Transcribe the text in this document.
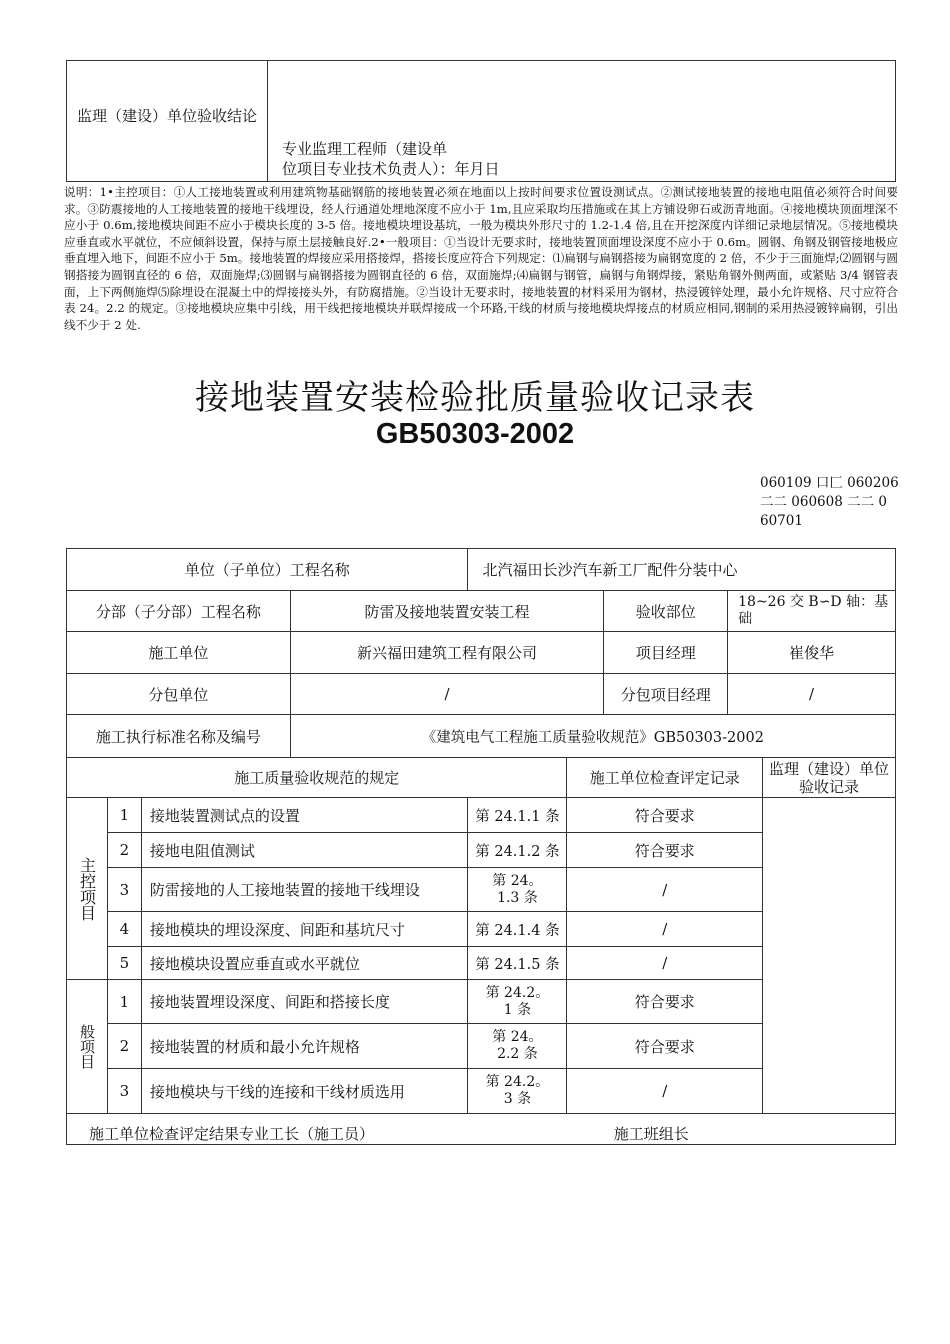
监理（建设）单位验收结论

专业监理工程师（建设单
位项目专业技术负责人）：年月日
说明：1•主控项目：①人工接地装置或利用建筑物基础钢筋的接地装置必须在地面以上按时间要求位置设测试点。②测试接地装置的接地电阻值必须符合时间要求。③防震接地的人工接地装置的接地干线埋设，经人行通道处埋地深度不应小于 1m,且应采取均压措施或在其上方铺设卵石或沥青地面。④接地模块顶面埋深不应小于 0.6m,接地模块间距不应小于模块长度的 3-5 倍。接地模块埋设基坑，一般为模块外形尺寸的 1.2-1.4 倍,且在开挖深度内详细记录地层情况。⑤接地模块应垂直或水平就位，不应倾斜设置，保持与原土层接触良好.2•一般项目：①当设计无要求时，接地装置顶面埋设深度不应小于 0.6m。圆钢、角钢及钢管接地极应垂直埋入地下，间距不应小于 5m。接地装置的焊接应采用搭接焊，搭接长度应符合下列规定：⑴扁钢与扁钢搭接为扁钢宽度的 2 倍，不少于三面施焊;⑵圆钢与圆钢搭接为圆钢直径的 6 倍，双面施焊;⑶圆钢与扁钢搭接为圆钢直径的 6 倍，双面施焊;⑷扁钢与钢管，扁钢与角钢焊接，紧贴角钢外侧两面，或紧贴 3/4 钢管表面，上下两侧施焊⑸除埋设在混凝土中的焊接接头外，有防腐措施。②当设计无要求时，接地装置的材料采用为钢材，热浸镀锌处理，最小允许规格、尺寸应符合表 24。2.2 的规定。③接地模块应集中引线，用干线把接地模块并联焊接成一个环路,干线的材质与接地模块焊接点的材质应相同,钢制的采用热浸镀锌扁钢，引出线不少于 2 处.
接地装置安装检验批质量验收记录表
GB50303-2002
060109 口匚 060206
二二 060608 二二 0
60701
单位（子单位）工程名称	北汽福田长沙汽车新工厂配件分装中心
分部（子分部）工程名称	防雷及接地装置安装工程	验收部位	18~26 交 B∽D 轴：基础
施工单位	新兴福田建筑工程有限公司	项目经理	崔俊华
分包单位	/	分包项目经理	/
施工执行标准名称及编号	《建筑电气工程施工质量验收规范》GB50303-2002		
施工质量验收规范的规定				施工单位检查评定记录	监理（建设）单位验收记录

主控项目	1	接地装置测试点的设置	第 24.1.1 条	符合要求	
	2	接地电阻值测试	第 24.1.2 条	符合要求	
	3	防雷接地的人工接地装置的接地干线埋设	第 24。1.3 条	/	
	4	接地模块的埋设深度、间距和基坑尺寸	第 24.1.4 条	/	
	5	接地模块设置应垂直或水平就位	第 24.1.5 条	/	

般项目	1	接地装置埋设深度、间距和搭接长度	第 24.2。1 条	符合要求	
	2	接地装置的材质和最小允许规格	第 24。2.2 条	符合要求	
	3	接地模块与干线的连接和干线材质选用	第 24.2。3 条	/	
施工单位检查评定结果专业工长（施工员） 施工班组长					
